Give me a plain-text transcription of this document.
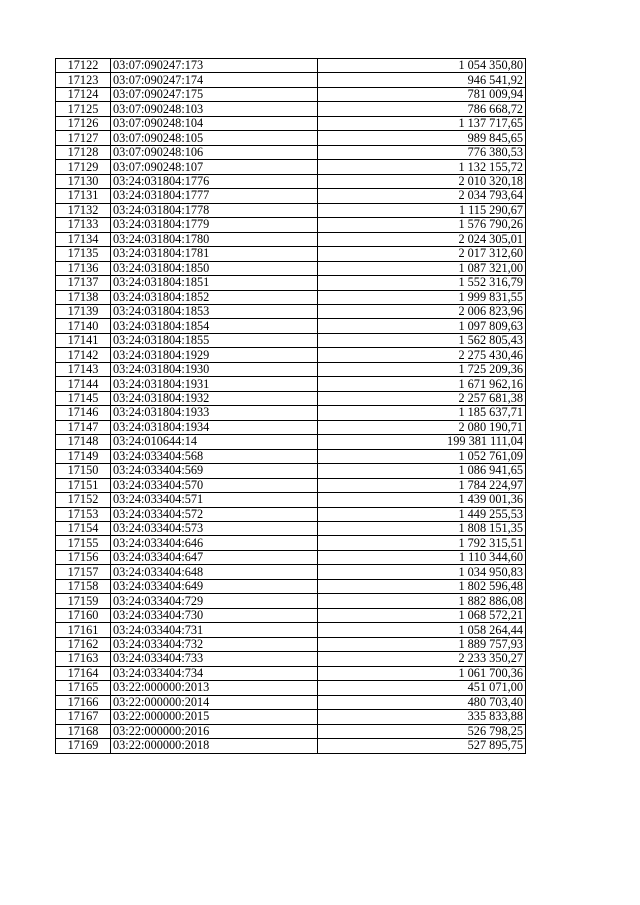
17122	03:07:090247:173	1 054 350,80
17123	03:07:090247:174	946 541,92
17124	03:07:090247:175	781 009,94
17125	03:07:090248:103	786 668,72
17126	03:07:090248:104	1 137 717,65
17127	03:07:090248:105	989 845,65
17128	03:07:090248:106	776 380,53
17129	03:07:090248:107	1 132 155,72
17130	03:24:031804:1776	2 010 320,18
17131	03:24:031804:1777	2 034 793,64
17132	03:24:031804:1778	1 115 290,67
17133	03:24:031804:1779	1 576 790,26
17134	03:24:031804:1780	2 024 305,01
17135	03:24:031804:1781	2 017 312,60
17136	03:24:031804:1850	1 087 321,00
17137	03:24:031804:1851	1 552 316,79
17138	03:24:031804:1852	1 999 831,55
17139	03:24:031804:1853	2 006 823,96
17140	03:24:031804:1854	1 097 809,63
17141	03:24:031804:1855	1 562 805,43
17142	03:24:031804:1929	2 275 430,46
17143	03:24:031804:1930	1 725 209,36
17144	03:24:031804:1931	1 671 962,16
17145	03:24:031804:1932	2 257 681,38
17146	03:24:031804:1933	1 185 637,71
17147	03:24:031804:1934	2 080 190,71
17148	03:24:010644:14	199 381 111,04
17149	03:24:033404:568	1 052 761,09
17150	03:24:033404:569	1 086 941,65
17151	03:24:033404:570	1 784 224,97
17152	03:24:033404:571	1 439 001,36
17153	03:24:033404:572	1 449 255,53
17154	03:24:033404:573	1 808 151,35
17155	03:24:033404:646	1 792 315,51
17156	03:24:033404:647	1 110 344,60
17157	03:24:033404:648	1 034 950,83
17158	03:24:033404:649	1 802 596,48
17159	03:24:033404:729	1 882 886,08
17160	03:24:033404:730	1 068 572,21
17161	03:24:033404:731	1 058 264,44
17162	03:24:033404:732	1 889 757,93
17163	03:24:033404:733	2 233 350,27
17164	03:24:033404:734	1 061 700,36
17165	03:22:000000:2013	451 071,00
17166	03:22:000000:2014	480 703,40
17167	03:22:000000:2015	335 833,88
17168	03:22:000000:2016	526 798,25
17169	03:22:000000:2018	527 895,75
